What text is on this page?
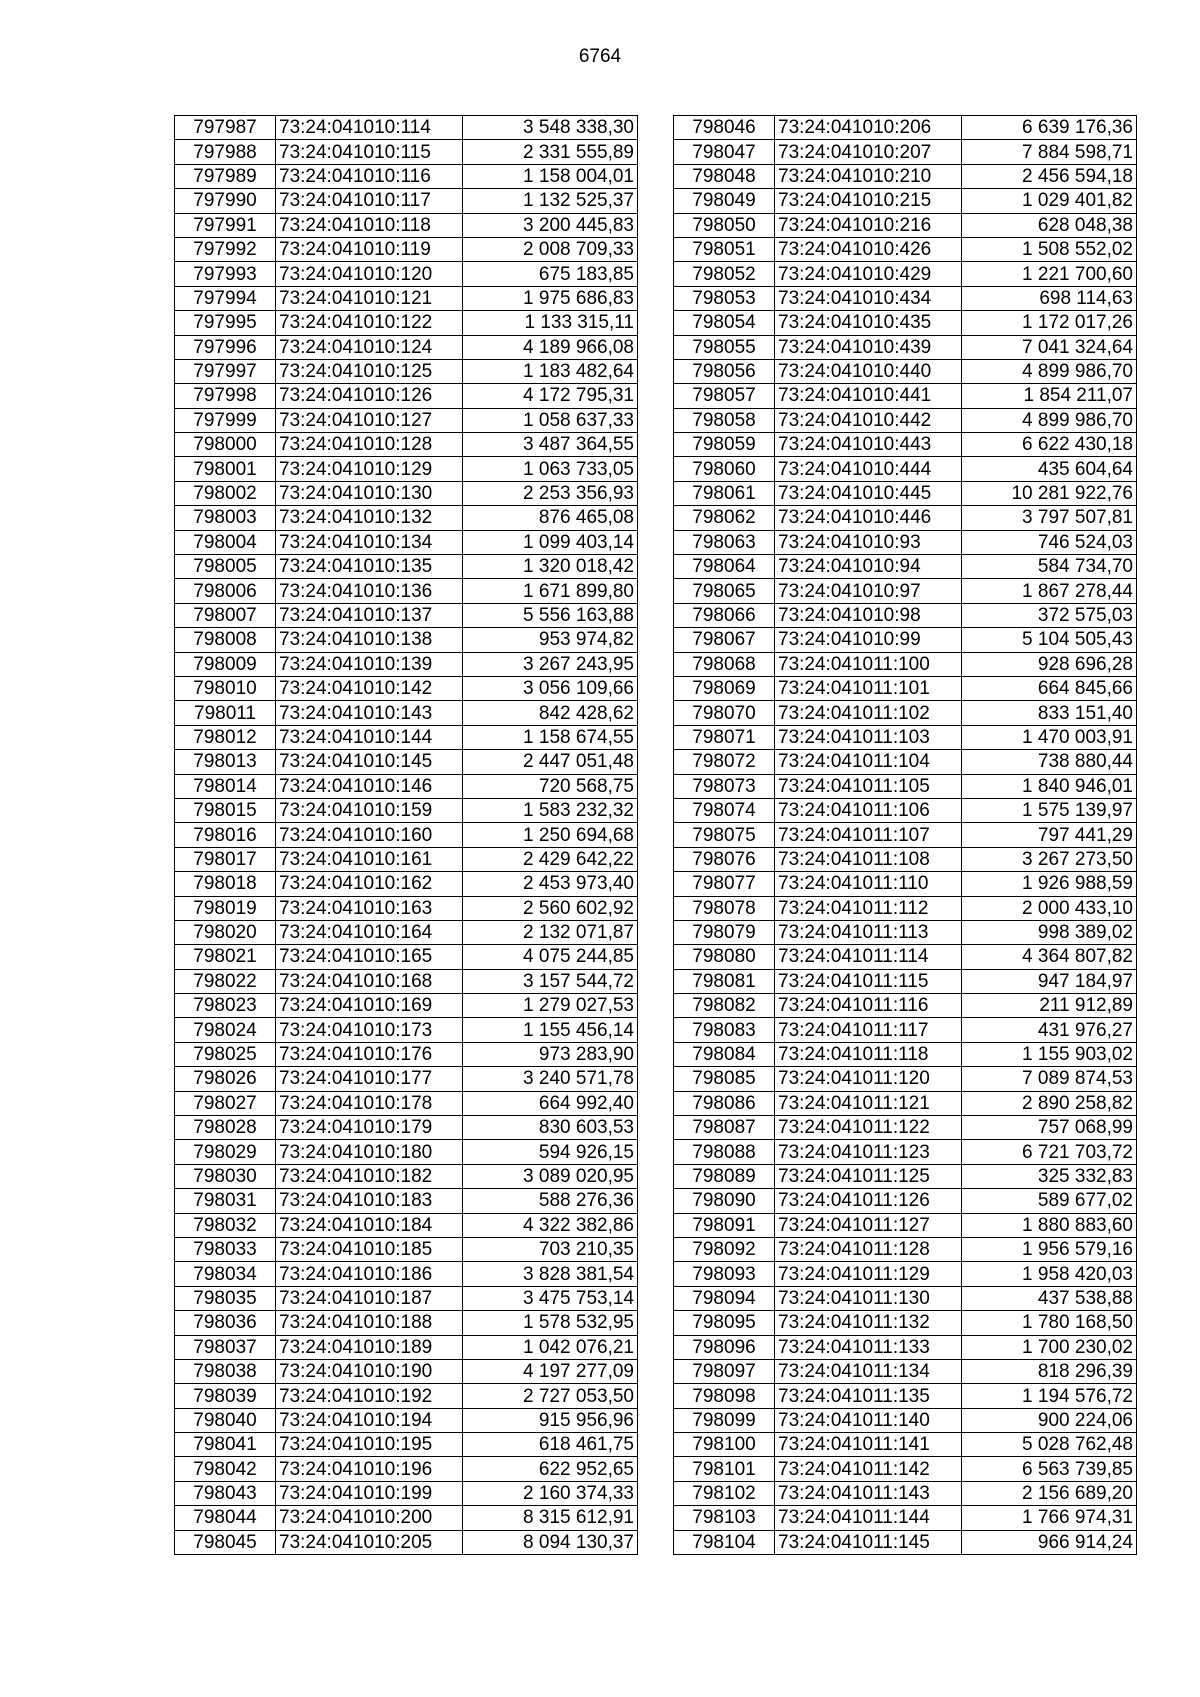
6764
797987	73:24:041010:114	3 548 338,30
797988	73:24:041010:115	2 331 555,89
797989	73:24:041010:116	1 158 004,01
797990	73:24:041010:117	1 132 525,37
797991	73:24:041010:118	3 200 445,83
797992	73:24:041010:119	2 008 709,33
797993	73:24:041010:120	675 183,85
797994	73:24:041010:121	1 975 686,83
797995	73:24:041010:122	1 133 315,11
797996	73:24:041010:124	4 189 966,08
797997	73:24:041010:125	1 183 482,64
797998	73:24:041010:126	4 172 795,31
797999	73:24:041010:127	1 058 637,33
798000	73:24:041010:128	3 487 364,55
798001	73:24:041010:129	1 063 733,05
798002	73:24:041010:130	2 253 356,93
798003	73:24:041010:132	876 465,08
798004	73:24:041010:134	1 099 403,14
798005	73:24:041010:135	1 320 018,42
798006	73:24:041010:136	1 671 899,80
798007	73:24:041010:137	5 556 163,88
798008	73:24:041010:138	953 974,82
798009	73:24:041010:139	3 267 243,95
798010	73:24:041010:142	3 056 109,66
798011	73:24:041010:143	842 428,62
798012	73:24:041010:144	1 158 674,55
798013	73:24:041010:145	2 447 051,48
798014	73:24:041010:146	720 568,75
798015	73:24:041010:159	1 583 232,32
798016	73:24:041010:160	1 250 694,68
798017	73:24:041010:161	2 429 642,22
798018	73:24:041010:162	2 453 973,40
798019	73:24:041010:163	2 560 602,92
798020	73:24:041010:164	2 132 071,87
798021	73:24:041010:165	4 075 244,85
798022	73:24:041010:168	3 157 544,72
798023	73:24:041010:169	1 279 027,53
798024	73:24:041010:173	1 155 456,14
798025	73:24:041010:176	973 283,90
798026	73:24:041010:177	3 240 571,78
798027	73:24:041010:178	664 992,40
798028	73:24:041010:179	830 603,53
798029	73:24:041010:180	594 926,15
798030	73:24:041010:182	3 089 020,95
798031	73:24:041010:183	588 276,36
798032	73:24:041010:184	4 322 382,86
798033	73:24:041010:185	703 210,35
798034	73:24:041010:186	3 828 381,54
798035	73:24:041010:187	3 475 753,14
798036	73:24:041010:188	1 578 532,95
798037	73:24:041010:189	1 042 076,21
798038	73:24:041010:190	4 197 277,09
798039	73:24:041010:192	2 727 053,50
798040	73:24:041010:194	915 956,96
798041	73:24:041010:195	618 461,75
798042	73:24:041010:196	622 952,65
798043	73:24:041010:199	2 160 374,33
798044	73:24:041010:200	8 315 612,91
798045	73:24:041010:205	8 094 130,37
798046	73:24:041010:206	6 639 176,36
798047	73:24:041010:207	7 884 598,71
798048	73:24:041010:210	2 456 594,18
798049	73:24:041010:215	1 029 401,82
798050	73:24:041010:216	628 048,38
798051	73:24:041010:426	1 508 552,02
798052	73:24:041010:429	1 221 700,60
798053	73:24:041010:434	698 114,63
798054	73:24:041010:435	1 172 017,26
798055	73:24:041010:439	7 041 324,64
798056	73:24:041010:440	4 899 986,70
798057	73:24:041010:441	1 854 211,07
798058	73:24:041010:442	4 899 986,70
798059	73:24:041010:443	6 622 430,18
798060	73:24:041010:444	435 604,64
798061	73:24:041010:445	10 281 922,76
798062	73:24:041010:446	3 797 507,81
798063	73:24:041010:93	746 524,03
798064	73:24:041010:94	584 734,70
798065	73:24:041010:97	1 867 278,44
798066	73:24:041010:98	372 575,03
798067	73:24:041010:99	5 104 505,43
798068	73:24:041011:100	928 696,28
798069	73:24:041011:101	664 845,66
798070	73:24:041011:102	833 151,40
798071	73:24:041011:103	1 470 003,91
798072	73:24:041011:104	738 880,44
798073	73:24:041011:105	1 840 946,01
798074	73:24:041011:106	1 575 139,97
798075	73:24:041011:107	797 441,29
798076	73:24:041011:108	3 267 273,50
798077	73:24:041011:110	1 926 988,59
798078	73:24:041011:112	2 000 433,10
798079	73:24:041011:113	998 389,02
798080	73:24:041011:114	4 364 807,82
798081	73:24:041011:115	947 184,97
798082	73:24:041011:116	211 912,89
798083	73:24:041011:117	431 976,27
798084	73:24:041011:118	1 155 903,02
798085	73:24:041011:120	7 089 874,53
798086	73:24:041011:121	2 890 258,82
798087	73:24:041011:122	757 068,99
798088	73:24:041011:123	6 721 703,72
798089	73:24:041011:125	325 332,83
798090	73:24:041011:126	589 677,02
798091	73:24:041011:127	1 880 883,60
798092	73:24:041011:128	1 956 579,16
798093	73:24:041011:129	1 958 420,03
798094	73:24:041011:130	437 538,88
798095	73:24:041011:132	1 780 168,50
798096	73:24:041011:133	1 700 230,02
798097	73:24:041011:134	818 296,39
798098	73:24:041011:135	1 194 576,72
798099	73:24:041011:140	900 224,06
798100	73:24:041011:141	5 028 762,48
798101	73:24:041011:142	6 563 739,85
798102	73:24:041011:143	2 156 689,20
798103	73:24:041011:144	1 766 974,31
798104	73:24:041011:145	966 914,24
